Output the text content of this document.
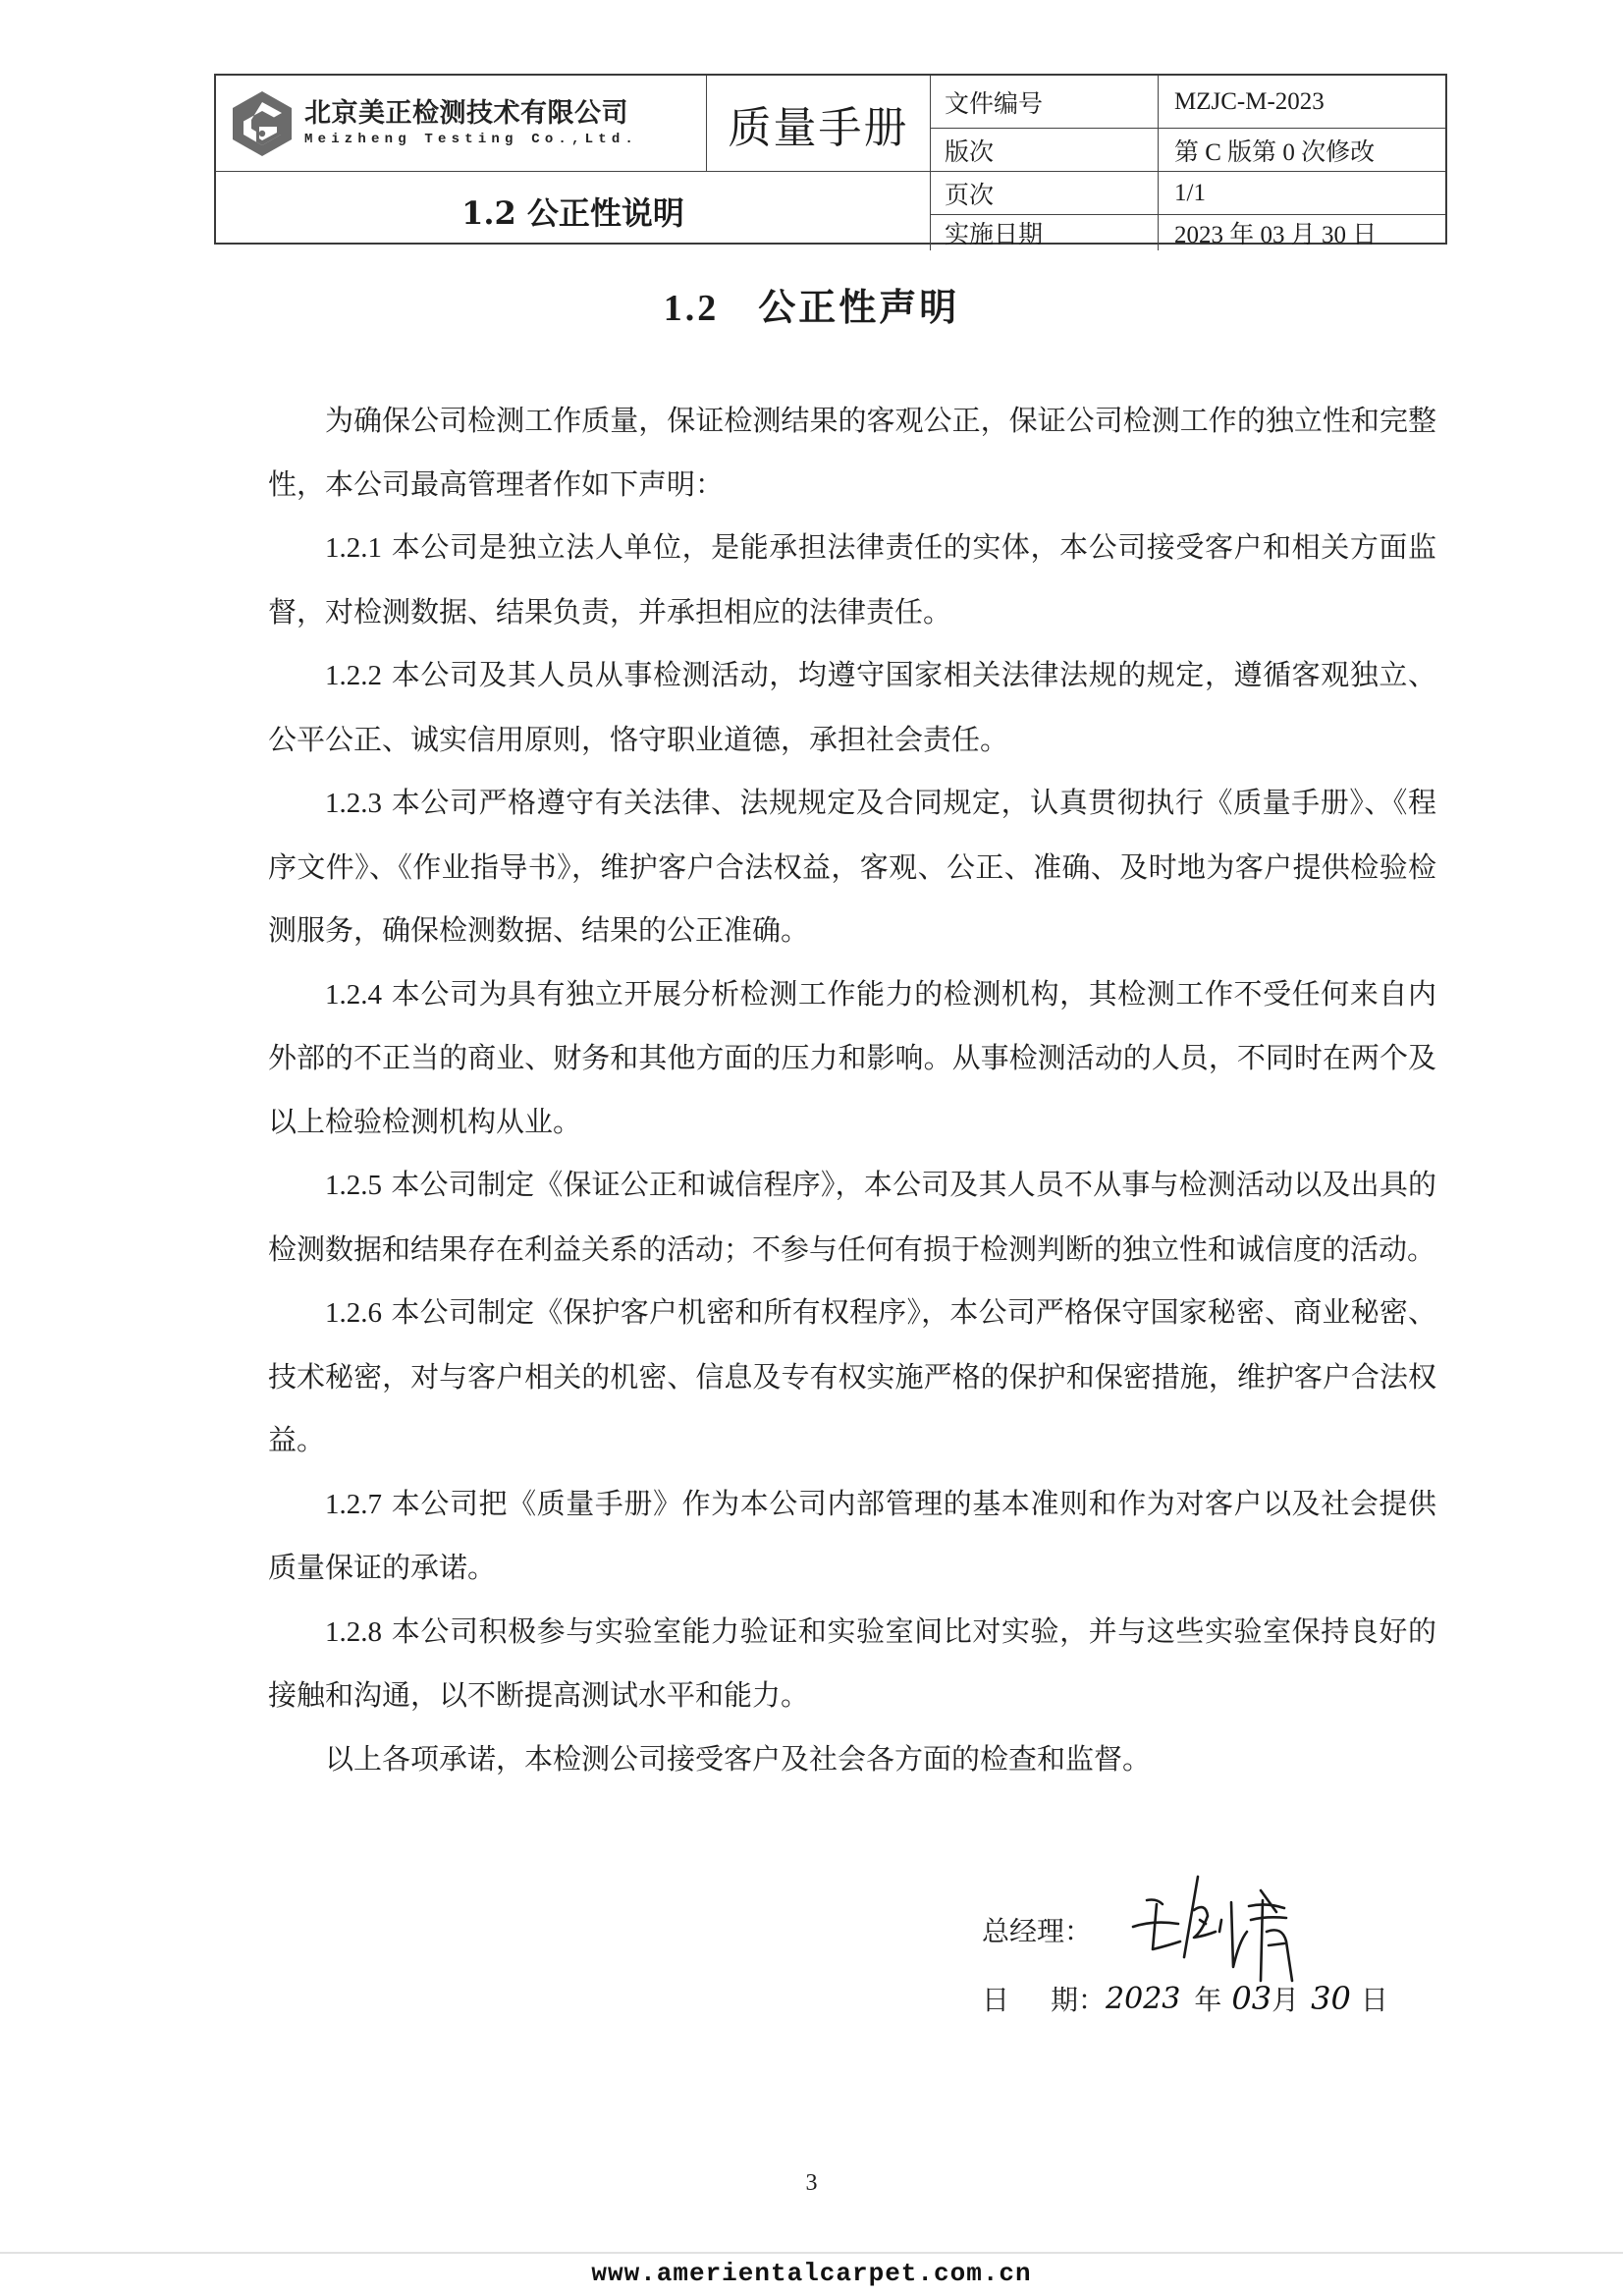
北京美正检测技术有限公司
Meizheng Testing Co.,Ltd.	质量手册
1.2 公正性说明
文件编号	MZJC-M-2023
版次	第 C 版第 0 次修改
页次	1/1
实施日期	2023 年 03 月 30 日
1.2 公正性声明

为确保公司检测工作质量，保证检测结果的客观公正，保证公司检测工作的独立性和完整性，本公司最高管理者作如下声明：

1.2.1 本公司是独立法人单位，是能承担法律责任的实体，本公司接受客户和相关方面监督，对检测数据、结果负责，并承担相应的法律责任。

1.2.2 本公司及其人员从事检测活动，均遵守国家相关法律法规的规定，遵循客观独立、公平公正、诚实信用原则，恪守职业道德，承担社会责任。

1.2.3 本公司严格遵守有关法律、法规规定及合同规定，认真贯彻执行《质量手册》、《程序文件》、《作业指导书》，维护客户合法权益，客观、公正、准确、及时地为客户提供检验检测服务，确保检测数据、结果的公正准确。

1.2.4 本公司为具有独立开展分析检测工作能力的检测机构，其检测工作不受任何来自内外部的不正当的商业、财务和其他方面的压力和影响。从事检测活动的人员，不同时在两个及以上检验检测机构从业。

1.2.5 本公司制定《保证公正和诚信程序》，本公司及其人员不从事与检测活动以及出具的检测数据和结果存在利益关系的活动；不参与任何有损于检测判断的独立性和诚信度的活动。

1.2.6 本公司制定《保护客户机密和所有权程序》，本公司严格保守国家秘密、商业秘密、技术秘密，对与客户相关的机密、信息及专有权实施严格的保护和保密措施，维护客户合法权益。

1.2.7 本公司把《质量手册》作为本公司内部管理的基本准则和作为对客户以及社会提供质量保证的承诺。

1.2.8 本公司积极参与实验室能力验证和实验室间比对实验，并与这些实验室保持良好的接触和沟通，以不断提高测试水平和能力。

以上各项承诺，本检测公司接受客户及社会各方面的检查和监督。

总经理：
日 期： 2023 年 03 月 30 日
3
www.amerientalcarpet.com.cn
